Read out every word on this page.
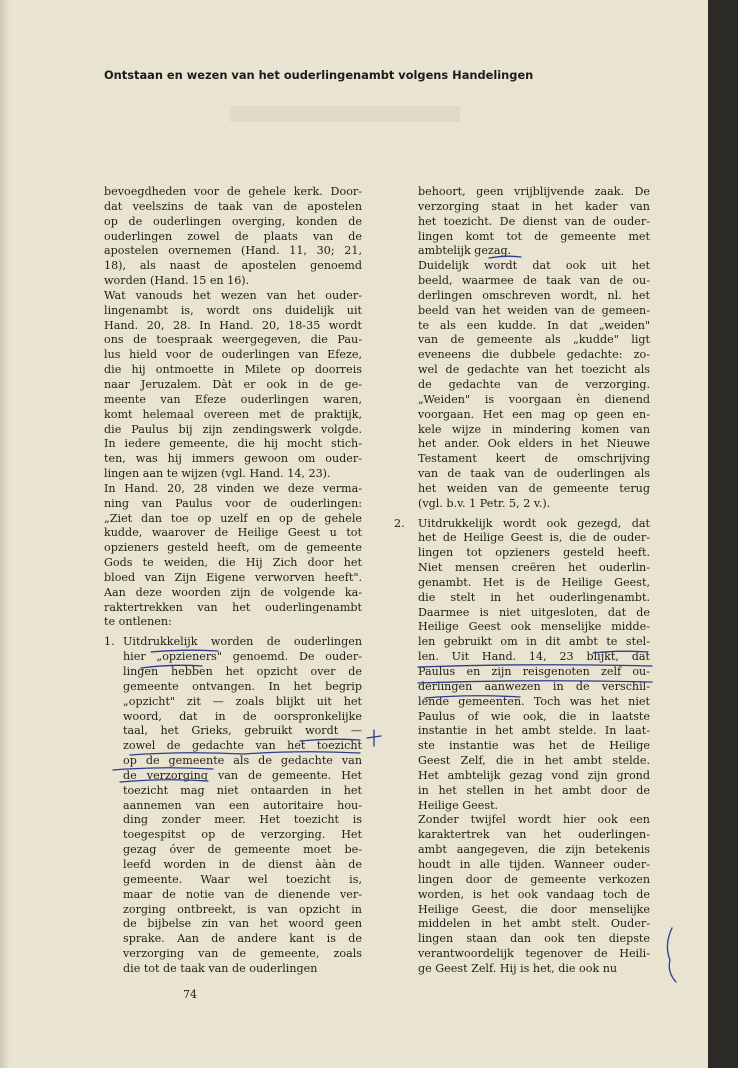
Ontstaan en wezen van het ouderlingenambt volgens Handelingen
bevoegdheden voor de gehele kerk. Door-
dat veelszins de taak van de apostelen
op de ouderlingen overging, konden de
ouderlingen zowel de plaats van de
apostelen overnemen (Hand. 11, 30; 21,
18), als naast de apostelen genoemd
worden (Hand. 15 en 16).
Wat vanouds het wezen van het ouder-
lingenambt is, wordt ons duidelijk uit
Hand. 20, 28. In Hand. 20, 18-35 wordt
ons de toespraak weergegeven, die Pau-
lus hield voor de ouderlingen van Efeze,
die hij ontmoette in Milete op doorreis
naar Jeruzalem. Dàt er ook in de ge-
meente van Efeze ouderlingen waren,
komt helemaal overeen met de praktijk,
die Paulus bij zijn zendingswerk volgde.
In iedere gemeente, die hij mocht stich-
ten, was hij immers gewoon om ouder-
lingen aan te wijzen (vgl. Hand. 14, 23).
In Hand. 20, 28 vinden we deze verma-
ning van Paulus voor de ouderlingen:
„Ziet dan toe op uzelf en op de gehele
kudde, waarover de Heilige Geest u tot
opzieners gesteld heeft, om de gemeente
Gods te weiden, die Hij Zich door het
bloed van Zijn Eigene verworven heeft".
Aan deze woorden zijn de volgende ka-
raktertrekken van het ouderlingenambt
te ontlenen:
1. Uitdrukkelijk worden de ouderlingen
hier „opzieners" genoemd. De ouder-
lingen hebben het opzicht over de
gemeente ontvangen. In het begrip
„opzicht" zit — zoals blijkt uit het
woord, dat in de oorspronkelijke
taal, het Grieks, gebruikt wordt —
zowel de gedachte van het toezicht
op de gemeente als de gedachte van
de verzorging van de gemeente. Het
toezicht mag niet ontaarden in het
aannemen van een autoritaire hou-
ding zonder meer. Het toezicht is
toegespitst op de verzorging. Het
gezag óver de gemeente moet be-
leefd worden in de dienst ààn de
gemeente. Waar wel toezicht is,
maar de notie van de dienende ver-
zorging ontbreekt, is van opzicht in
de bijbelse zin van het woord geen
sprake. Aan de andere kant is de
verzorging van de gemeente, zoals
die tot de taak van de ouderlingen
behoort, geen vrijblijvende zaak. De
verzorging staat in het kader van
het toezicht. De dienst van de ouder-
lingen komt tot de gemeente met
ambtelijk gezag.
Duidelijk wordt dat ook uit het
beeld, waarmee de taak van de ou-
derlingen omschreven wordt, nl. het
beeld van het weiden van de gemeen-
te als een kudde. In dat „weiden"
van de gemeente als „kudde" ligt
eveneens die dubbele gedachte: zo-
wel de gedachte van het toezicht als
de gedachte van de verzorging.
„Weiden" is voorgaan èn dienend
voorgaan. Het een mag op geen en-
kele wijze in mindering komen van
het ander. Ook elders in het Nieuwe
Testament keert de omschrijving
van de taak van de ouderlingen als
het weiden van de gemeente terug
(vgl. b.v. 1 Petr. 5, 2 v.).
2. Uitdrukkelijk wordt ook gezegd, dat
het de Heilige Geest is, die de ouder-
lingen tot opzieners gesteld heeft.
Niet mensen creëren het ouderlin-
genambt. Het is de Heilige Geest,
die stelt in het ouderlingenambt.
Daarmee is niet uitgesloten, dat de
Heilige Geest ook menselijke midde-
len gebruikt om in dit ambt te stel-
len. Uit Hand. 14, 23 blijkt, dat
Paulus en zijn reisgenoten zelf ou-
derlingen aanwezen in de verschil-
lende gemeenten. Toch was het niet
Paulus of wie ook, die in laatste
instantie in het ambt stelde. In laat-
ste instantie was het de Heilige
Geest Zelf, die in het ambt stelde.
Het ambtelijk gezag vond zijn grond
in het stellen in het ambt door de
Heilige Geest.
Zonder twijfel wordt hier ook een
karaktertrek van het ouderlingen-
ambt aangegeven, die zijn betekenis
houdt in alle tijden. Wanneer ouder-
lingen door de gemeente verkozen
worden, is het ook vandaag toch de
Heilige Geest, die door menselijke
middelen in het ambt stelt. Ouder-
lingen staan dan ook ten diepste
verantwoordelijk tegenover de Heili-
ge Geest Zelf. Hij is het, die ook nu
74
